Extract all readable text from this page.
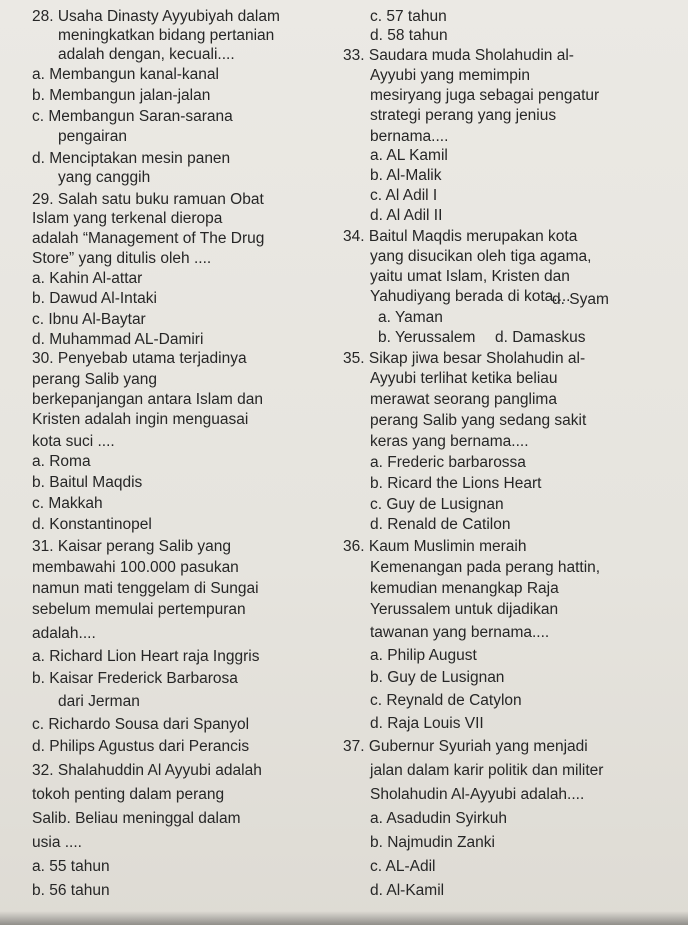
28. Usaha Dinasty Ayyubiyah dalam
meningkatkan bidang pertanian
adalah dengan, kecuali....
a. Membangun kanal-kanal
b. Membangun jalan-jalan
c. Membangun Saran-sarana
pengairan
d. Menciptakan mesin panen
yang canggih
29. Salah satu buku ramuan Obat
Islam yang terkenal dieropa
adalah “Management of The Drug
Store” yang ditulis oleh ....
a. Kahin Al-attar
b. Dawud Al-Intaki
c. Ibnu Al-Baytar
d. Muhammad AL-Damiri
30. Penyebab utama terjadinya
perang Salib yang
berkepanjangan antara Islam dan
Kristen adalah ingin menguasai
kota suci ....
a. Roma
b. Baitul Maqdis
c. Makkah
d. Konstantinopel
31. Kaisar perang Salib yang
membawahi 100.000 pasukan
namun mati tenggelam di Sungai
sebelum memulai pertempuran
adalah....
a. Richard Lion Heart raja Inggris
b. Kaisar Frederick Barbarosa
dari Jerman
c. Richardo Sousa dari Spanyol
d. Philips Agustus dari Perancis
32. Shalahuddin Al Ayyubi adalah
tokoh penting dalam perang
Salib. Beliau meninggal dalam
usia ....
a. 55 tahun
b. 56 tahun
c. 57 tahun
d. 58 tahun
33. Saudara muda Sholahudin al-
Ayyubi yang memimpin
mesiryang juga sebagai pengatur
strategi perang yang jenius
bernama....
a. AL Kamil
b. Al-Malik
c. Al Adil I
d. Al Adil II
34. Baitul Maqdis merupakan kota
yang disucikan oleh tiga agama,
yaitu umat Islam, Kristen dan
Yahudiyang berada di kota....
a. Yaman
d. Syam
b. Yerussalem d. Damaskus
35. Sikap jiwa besar Sholahudin al-
Ayyubi terlihat ketika beliau
merawat seorang panglima
perang Salib yang sedang sakit
keras yang bernama....
a. Frederic barbarossa
b. Ricard the Lions Heart
c. Guy de Lusignan
d. Renald de Catilon
36. Kaum Muslimin meraih
Kemenangan pada perang hattin,
kemudian menangkap Raja
Yerussalem untuk dijadikan
tawanan yang bernama....
a. Philip August
b. Guy de Lusignan
c. Reynald de Catylon
d. Raja Louis VII
37. Gubernur Syuriah yang menjadi
jalan dalam karir politik dan militer
Sholahudin Al-Ayyubi adalah....
a. Asadudin Syirkuh
b. Najmudin Zanki
c. AL-Adil
d. Al-Kamil
